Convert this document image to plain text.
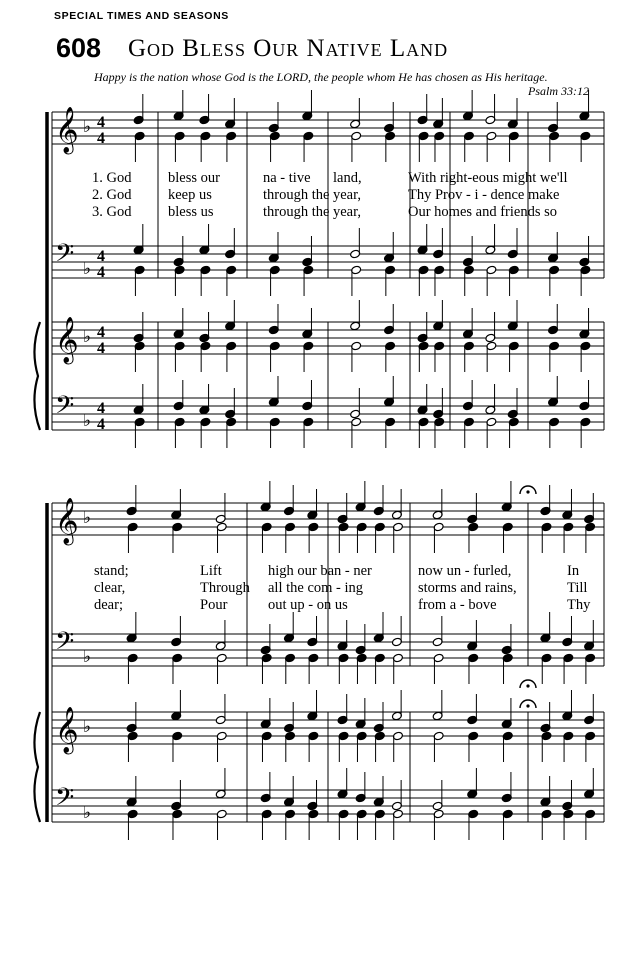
SPECIAL TIMES AND SEASONS
608 God Bless Our Native Land
Happy is the nation whose God is the LORD, the people whom He has chosen as His heritage.
Psalm 33:12
𝄞 ♭ 4
4
𝄢 ♭
4
4
𝄞 ♭ 4
4
𝄢 ♭
4
4
𝄞 ♭
𝄢 ♭
𝄞 ♭
𝄢 ♭
1. God	bless our	na - tive land,	With right-eous might we'll
2. God	keep us	through the year,	Thy Prov - i - dence make
3. God	bless us	through the year,	Our homes and friends so
stand;	Lift	high our ban - ner	now un - furled,	In
clear,	Through all the com - ing	storms and rains,	Till
dear;	Pour	out up - on us	from a - bove	Thy
